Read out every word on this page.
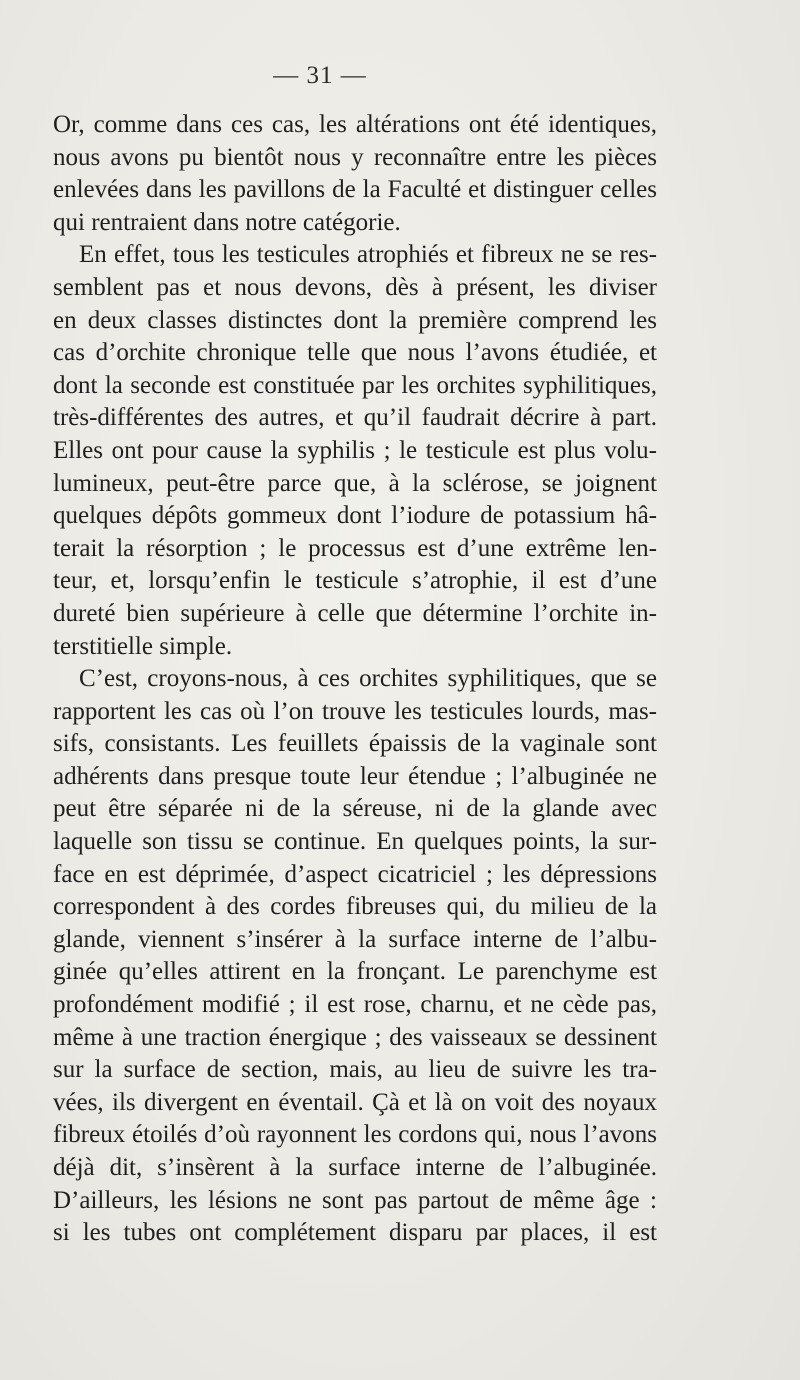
— 31 —
Or, comme dans ces cas, les altérations ont été identiques,
nous avons pu bientôt nous y reconnaître entre les pièces
enlevées dans les pavillons de la Faculté et distinguer celles
qui rentraient dans notre catégorie.
En effet, tous les testicules atrophiés et fibreux ne se res-
semblent pas et nous devons, dès à présent, les diviser
en deux classes distinctes dont la première comprend les
cas d’orchite chronique telle que nous l’avons étudiée, et
dont la seconde est constituée par les orchites syphilitiques,
très-différentes des autres, et qu’il faudrait décrire à part.
Elles ont pour cause la syphilis ; le testicule est plus volu-
lumineux, peut-être parce que, à la sclérose, se joignent
quelques dépôts gommeux dont l’iodure de potassium hâ-
terait la résorption ; le processus est d’une extrême len-
teur, et, lorsqu’enfin le testicule s’atrophie, il est d’une
dureté bien supérieure à celle que détermine l’orchite in-
terstitielle simple.
C’est, croyons-nous, à ces orchites syphilitiques, que se
rapportent les cas où l’on trouve les testicules lourds, mas-
sifs, consistants. Les feuillets épaissis de la vaginale sont
adhérents dans presque toute leur étendue ; l’albuginée ne
peut être séparée ni de la séreuse, ni de la glande avec
laquelle son tissu se continue. En quelques points, la sur-
face en est déprimée, d’aspect cicatriciel ; les dépressions
correspondent à des cordes fibreuses qui, du milieu de la
glande, viennent s’insérer à la surface interne de l’albu-
ginée qu’elles attirent en la fronçant. Le parenchyme est
profondément modifié ; il est rose, charnu, et ne cède pas,
même à une traction énergique ; des vaisseaux se dessinent
sur la surface de section, mais, au lieu de suivre les tra-
vées, ils divergent en éventail. Çà et là on voit des noyaux
fibreux étoilés d’où rayonnent les cordons qui, nous l’avons
déjà dit, s’insèrent à la surface interne de l’albuginée.
D’ailleurs, les lésions ne sont pas partout de même âge :
si les tubes ont complétement disparu par places, il est
